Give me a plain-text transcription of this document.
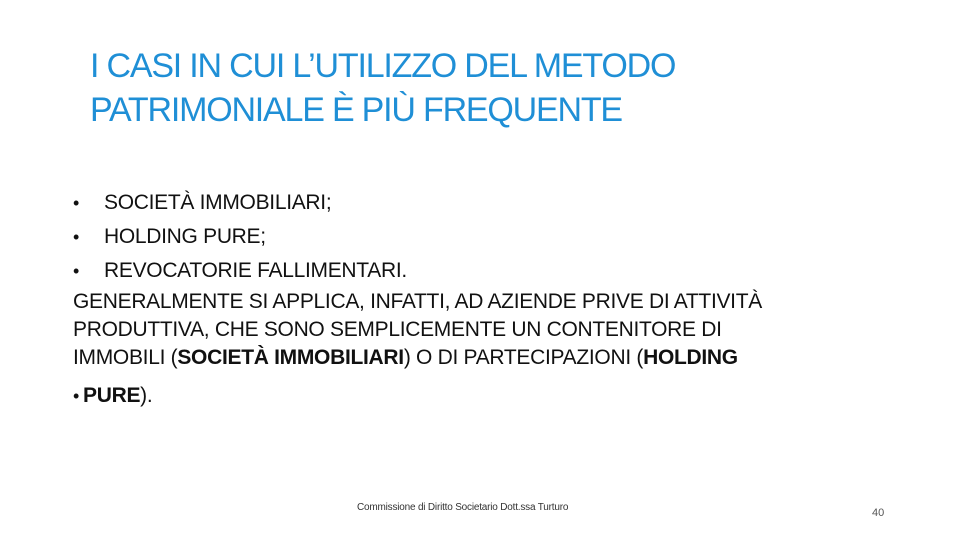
I CASI IN CUI L’UTILIZZO DEL METODO
PATRIMONIALE È PIÙ FREQUENTE
•	SOCIETÀ IMMOBILIARI;
•	HOLDING PURE;
•	REVOCATORIE FALLIMENTARI.
GENERALMENTE SI APPLICA, INFATTI, AD AZIENDE PRIVE DI ATTIVITÀ
PRODUTTIVA, CHE SONO SEMPLICEMENTE UN CONTENITORE DI
IMMOBILI (SOCIETÀ IMMOBILIARI) O DI PARTECIPAZIONI (HOLDING
• PURE).
Commissione di Diritto Societario Dott.ssa Turturo	40
